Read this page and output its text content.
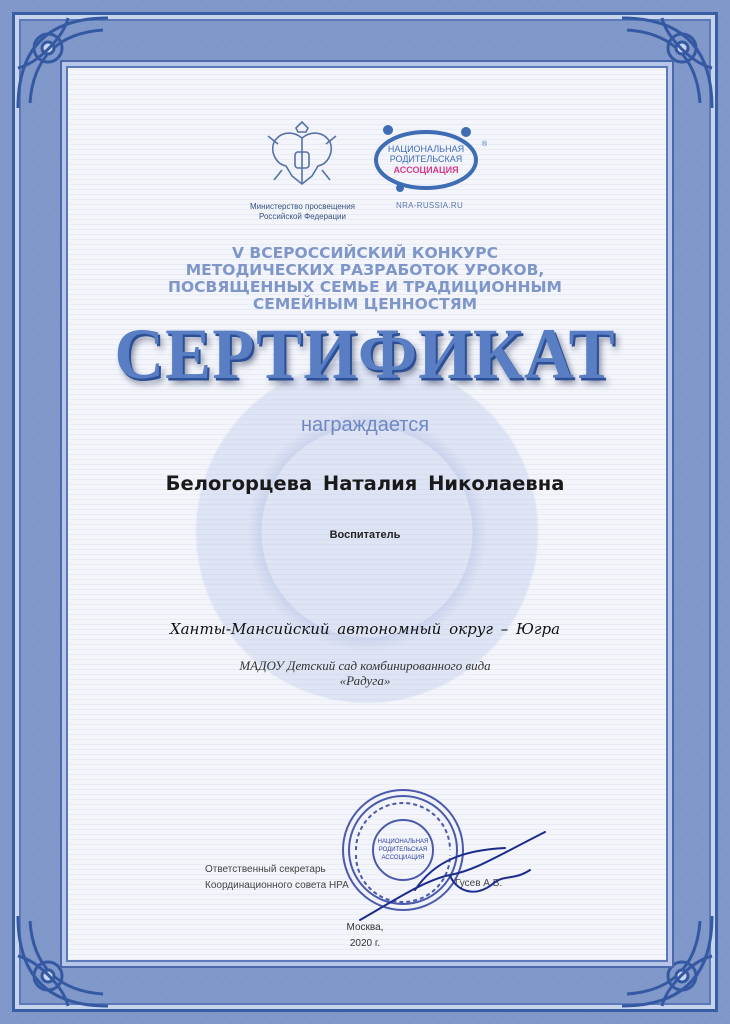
Министерство просвещения
Российской Федерации
НАЦИОНАЛЬНАЯ
РОДИТЕЛЬСКАЯ
АССОЦИАЦИЯ
®
NRA-RUSSIA.RU
V ВСЕРОССИЙСКИЙ КОНКУРС
МЕТОДИЧЕСКИХ РАЗРАБОТОК УРОКОВ,
ПОСВЯЩЕННЫХ СЕМЬЕ И ТРАДИЦИОННЫМ
СЕМЕЙНЫМ ЦЕННОСТЯМ
СЕРТИФИКАТ
награждается
Белогорцева Наталия Николаевна
Воспитатель
Ханты-Мансийский автономный округ – Югра
МАДОУ Детский сад комбинированного вида
«Радуга»
Ответственный секретарь
Координационного совета НРА	Гусев А.В.
НАЦИОНАЛЬНАЯ
РОДИТЕЛЬСКАЯ
АССОЦИАЦИЯ
Москва,
2020 г.
